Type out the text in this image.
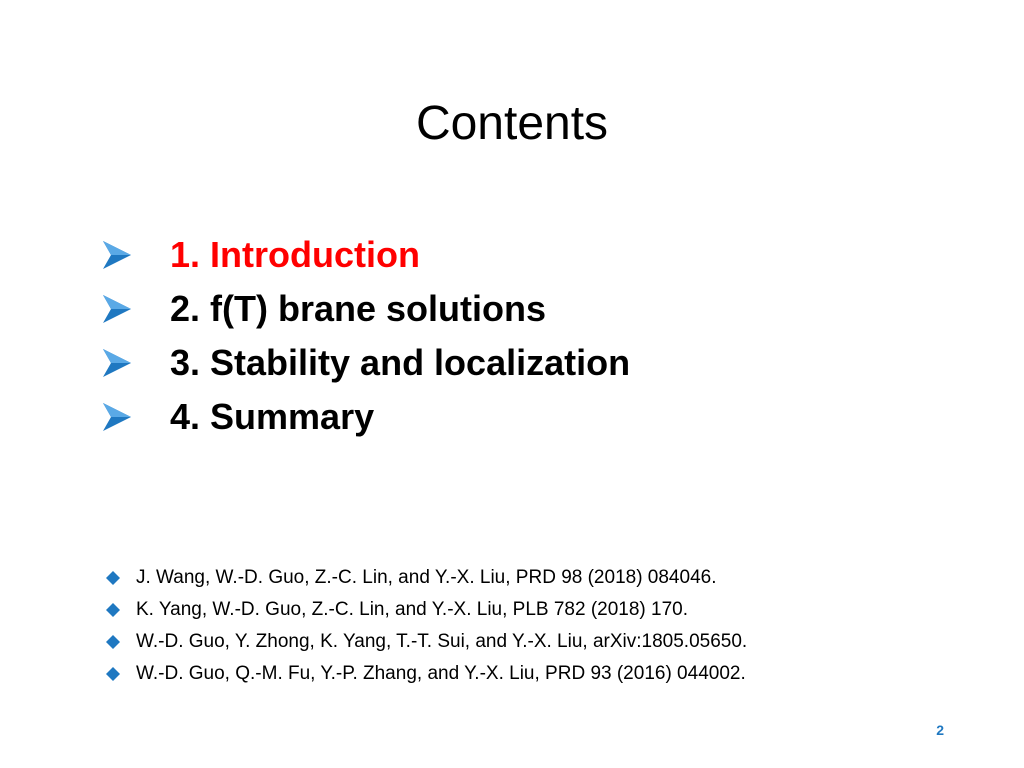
Contents
1. Introduction
2. f(T) brane solutions
3. Stability and localization
4. Summary
J. Wang, W.-D. Guo, Z.-C. Lin, and Y.-X. Liu, PRD 98 (2018) 084046.
K. Yang, W.-D. Guo, Z.-C. Lin, and Y.-X. Liu, PLB 782 (2018) 170.
W.-D. Guo, Y. Zhong, K. Yang, T.-T. Sui, and Y.-X. Liu, arXiv:1805.05650.
W.-D. Guo, Q.-M. Fu, Y.-P. Zhang, and Y.-X. Liu, PRD 93 (2016) 044002.
2
